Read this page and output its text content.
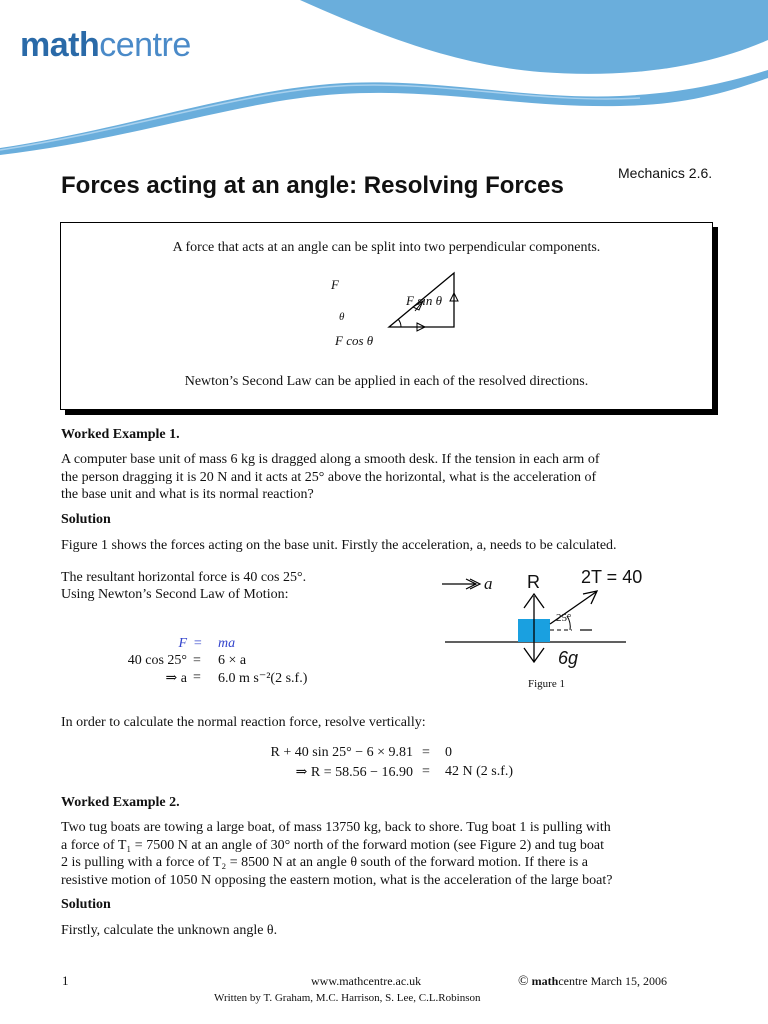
mathcentre
Mechanics 2.6.
Forces acting at an angle: Resolving Forces
A force that acts at an angle can be split into two perpendicular components.
F
F sin θ
θ
F cos θ
Newton’s Second Law can be applied in each of the resolved directions.
Worked Example 1.
A computer base unit of mass 6 kg is dragged along a smooth desk. If the tension in each arm of
the person dragging it is 20 N and it acts at 25° above the horizontal, what is the acceleration of
the base unit and what is its normal reaction?
Solution
Figure 1 shows the forces acting on the base unit. Firstly the acceleration, a, needs to be calculated.
The resultant horizontal force is 40 cos 25°.
Using Newton’s Second Law of Motion:
F = ma
40 cos 25° = 6 × a
⇒ a = 6.0 m s⁻²(2 s.f.)
a R 2T = 40
25°
6g
Figure 1
In order to calculate the normal reaction force, resolve vertically:
R + 40 sin 25° − 6 × 9.81 = 0
⇒ R = 58.56 − 16.90 = 42 N (2 s.f.)
Worked Example 2.
Two tug boats are towing a large boat, of mass 13750 kg, back to shore. Tug boat 1 is pulling with
a force of T₁ = 7500 N at an angle of 30° north of the forward motion (see Figure 2) and tug boat
2 is pulling with a force of T₂ = 8500 N at an angle θ south of the forward motion. If there is a
resistive motion of 1050 N opposing the eastern motion, what is the acceleration of the large boat?
Solution
Firstly, calculate the unknown angle θ.
1	www.mathcentre.ac.uk	© mathcentre March 15, 2006
Written by T. Graham, M.C. Harrison, S. Lee, C.L.Robinson
